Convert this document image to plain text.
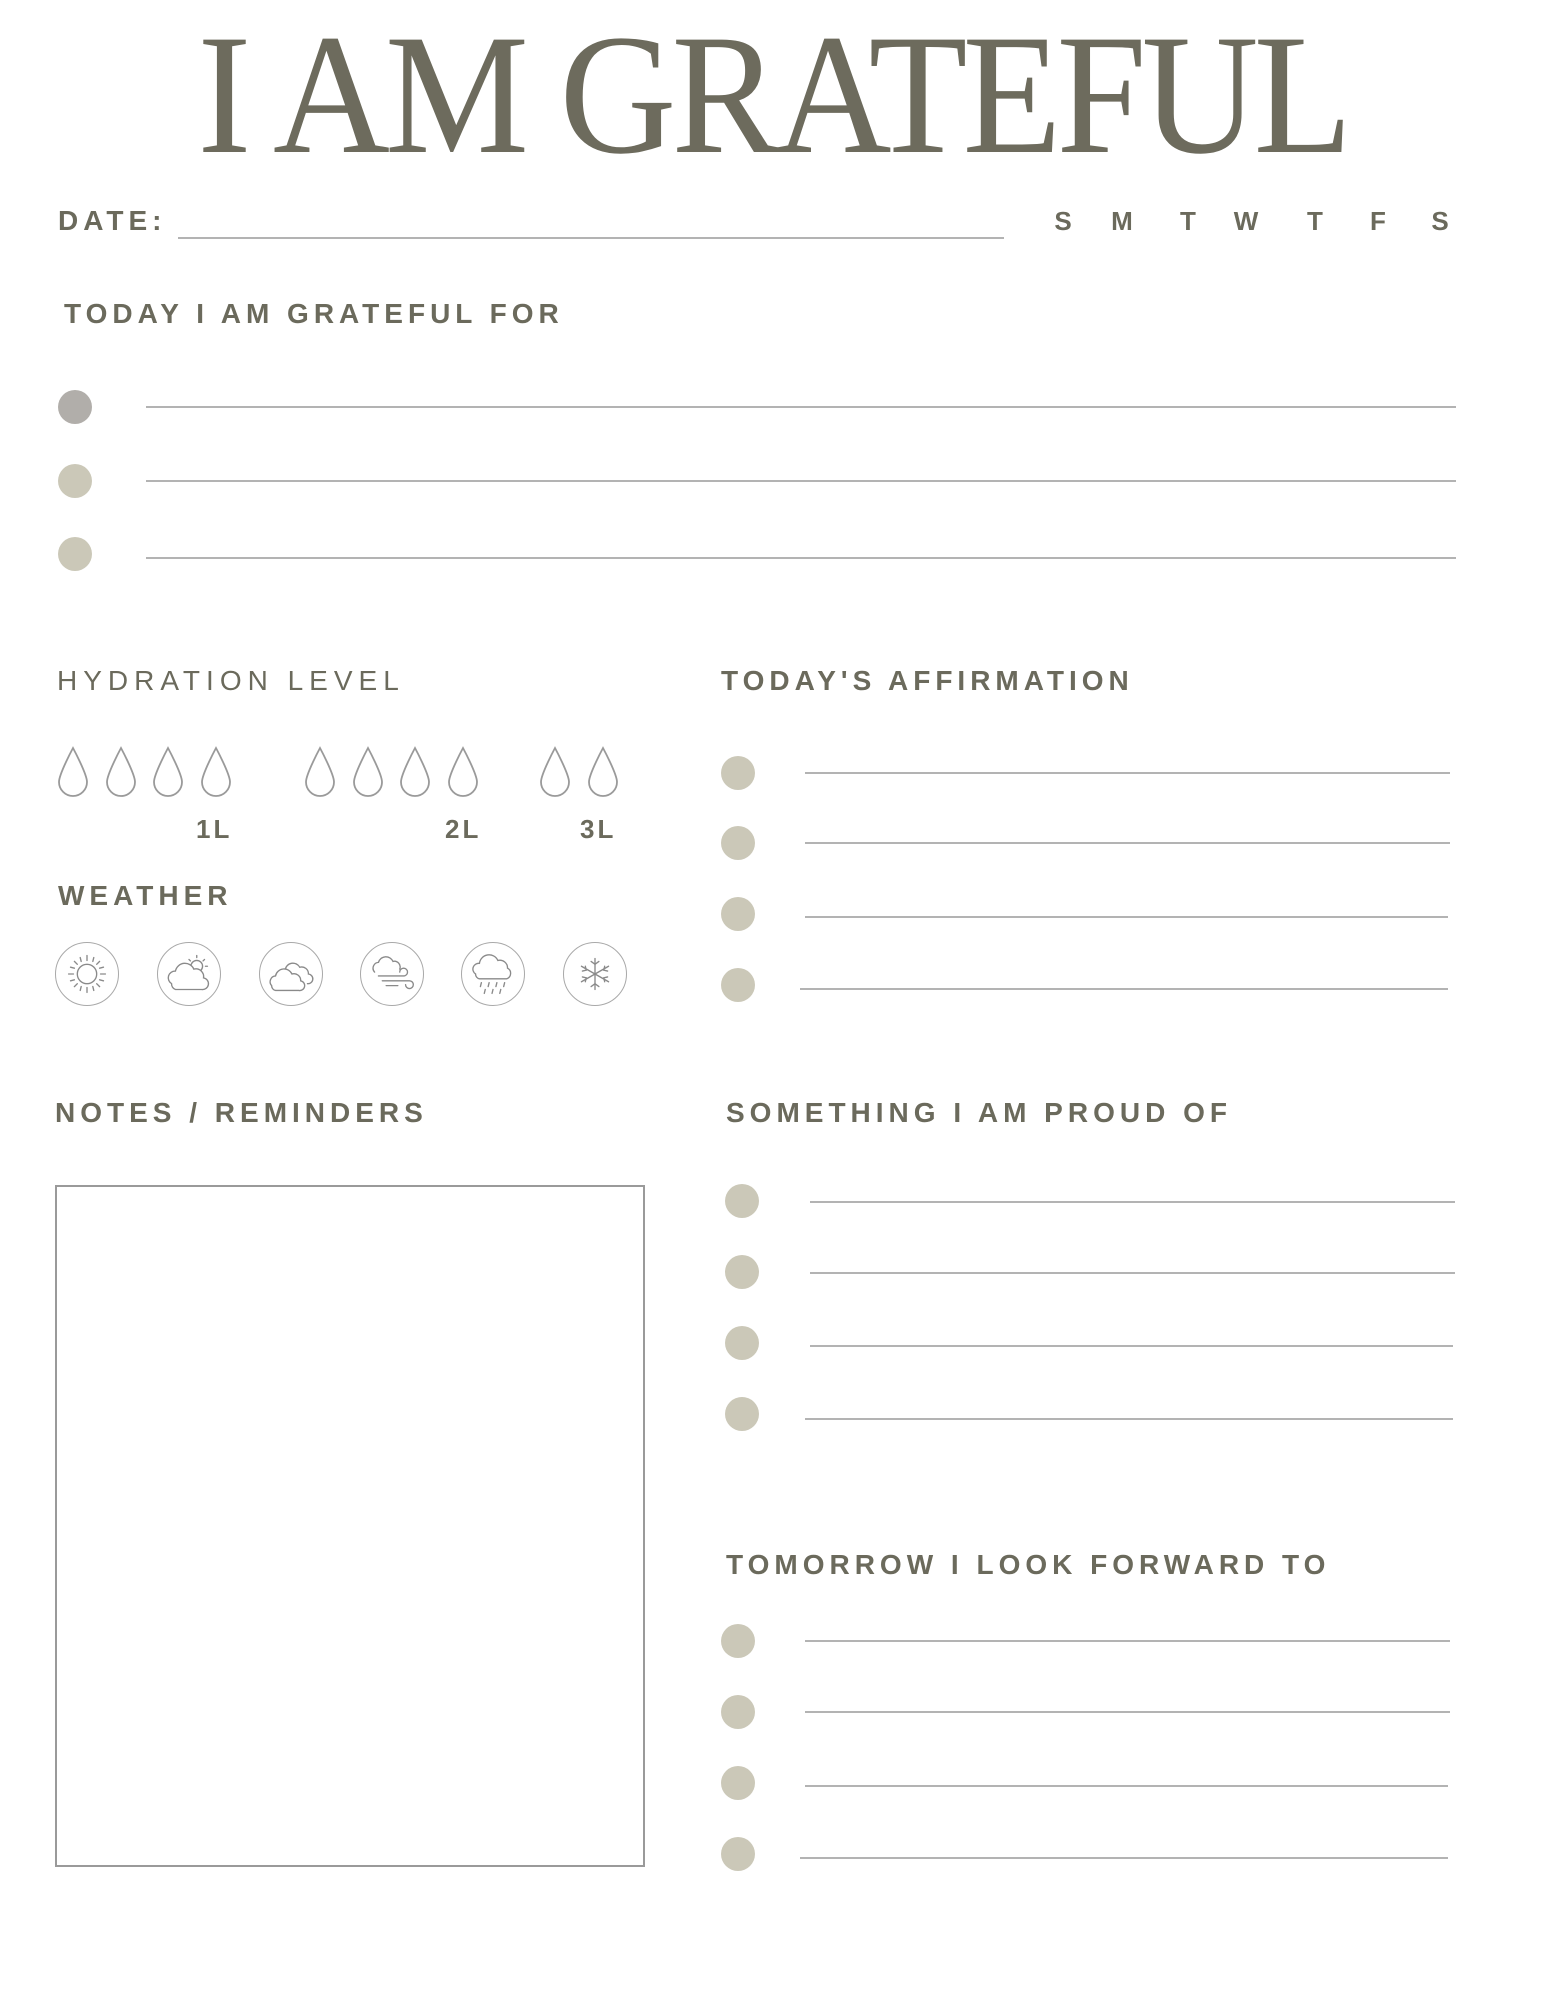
I AM GRATEFUL
DATE:	S	M	T	W	T	F	S
TODAY I AM GRATEFUL FOR
HYDRATION LEVEL
1L	2L	3L
WEATHER
TODAY'S AFFIRMATION
NOTES / REMINDERS	SOMETHING I AM PROUD OF
TOMORROW I LOOK FORWARD TO
